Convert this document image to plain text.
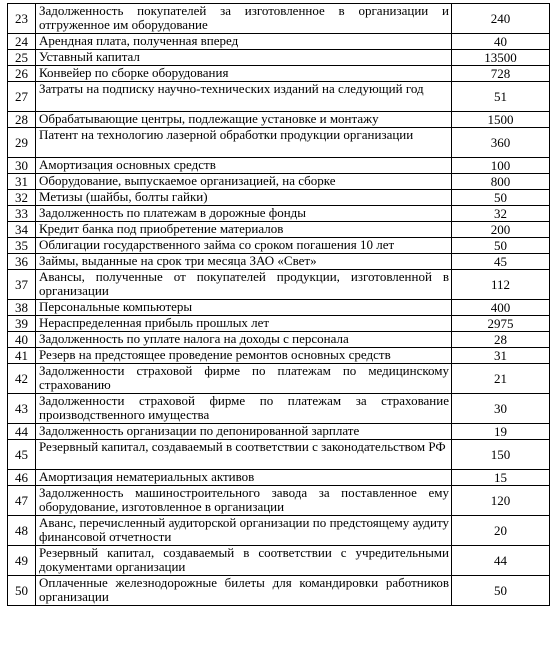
23	Задолженность покупателей за изготовленное в организации и отгруженное им оборудование	240
24	Арендная плата, полученная вперед	40
25	Уставный капитал	13500
26	Конвейер по сборке оборудования	728
27	Затраты на подписку научно-технических изданий на следующий год	51
28	Обрабатывающие центры, подлежащие установке и монтажу	1500
29	Патент на технологию лазерной обработки продукции организации	360
30	Амортизация основных средств	100
31	Оборудование, выпускаемое организацией, на сборке	800
32	Метизы (шайбы, болты гайки)	50
33	Задолженность по платежам в дорожные фонды	32
34	Кредит банка под приобретение материалов	200
35	Облигации государственного займа со сроком погашения 10 лет	50
36	Займы, выданные на срок три месяца ЗАО «Свет»	45
37	Авансы, полученные от покупателей продукции, изготовленной в организации	112
38	Персональные компьютеры	400
39	Нераспределенная прибыль прошлых лет	2975
40	Задолженность по уплате налога на доходы с персонала	28
41	Резерв на предстоящее проведение ремонтов основных средств	31
42	Задолженности страховой фирме по платежам по медицинскому страхованию	21
43	Задолженности страховой фирме по платежам за страхование производственного имущества	30
44	Задолженность организации по депонированной зарплате	19
45	Резервный капитал, создаваемый в соответствии с законодательством РФ	150
46	Амортизация нематериальных активов	15
47	Задолженность машиностроительного завода за поставленное ему оборудование, изготовленное в организации	120
48	Аванс, перечисленный аудиторской организации по предстоящему аудиту финансовой отчетности	20
49	Резервный капитал, создаваемый в соответствии с учредительными документами организации	44
50	Оплаченные железнодорожные билеты для командировки работников организации	50
